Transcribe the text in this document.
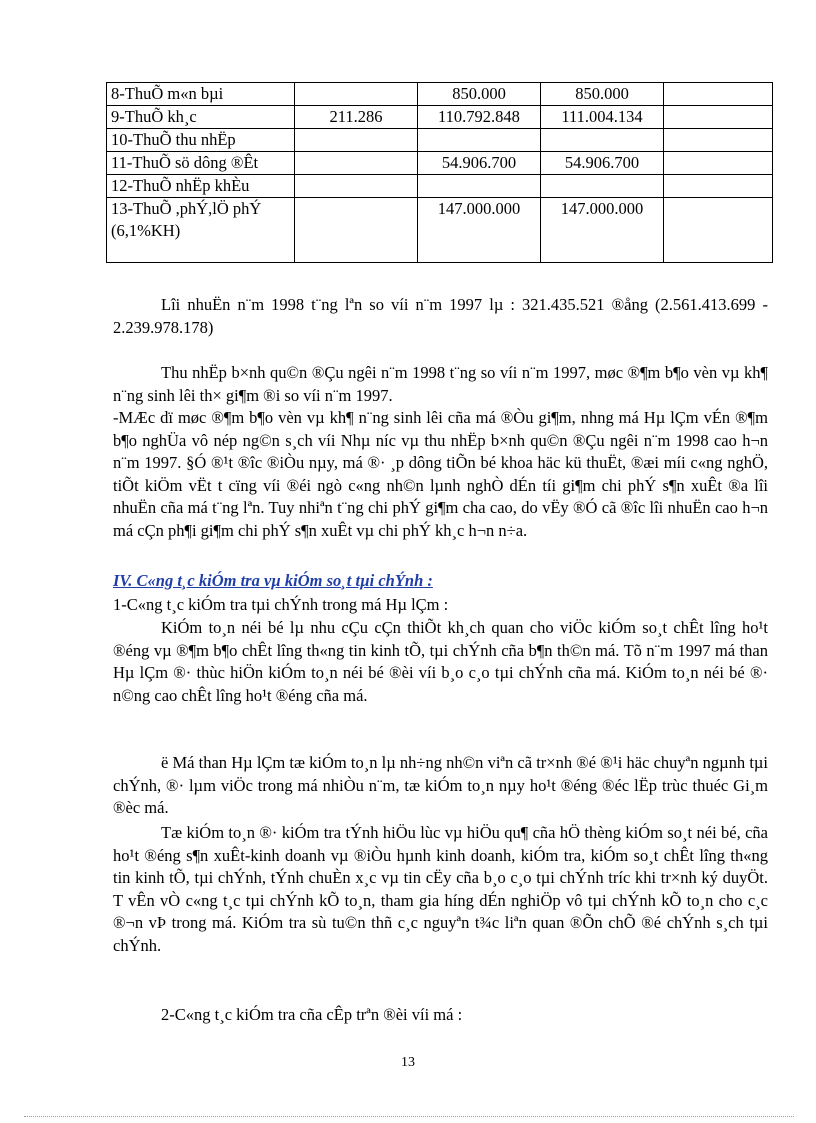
8-ThuÕ m«n bµi		850.000	850.000	
9-ThuÕ kh¸c	211.286	110.792.848	111.004.134	
10-ThuÕ thu nhËp				
11-ThuÕ sö dông ®Êt		54.906.700	54.906.700	
12-ThuÕ nhËp khÈu				
13-ThuÕ ,phÝ,lÖ phÝ (6,1%KH)		147.000.000	147.000.000	
Lîi nhuËn n¨m 1998 t¨ng lªn so víi n¨m 1997 lµ : 321.435.521 ®ång (2.561.413.699 - 2.239.978.178)
Thu nhËp b×nh qu©n ®Çu ngêi n¨m 1998 t¨ng so víi n¨m 1997, møc ®¶m b¶o vèn vµ kh¶ n¨ng sinh lêi th× gi¶m ®i so víi n¨m 1997.
-MÆc dï møc ®¶m b¶o vèn vµ kh¶ n¨ng sinh lêi cña má ®Òu gi¶m, nhng má Hµ lÇm vÉn ®¶m b¶o nghÜa vô nép ng©n s¸ch víi Nhµ níc vµ thu nhËp b×nh qu©n ®Çu ngêi n¨m 1998 cao h¬n n¨m 1997. §Ó ®¹t ®îc ®iÒu nµy, má ®· ¸p dông tiÕn bé khoa häc kü thuËt, ®æi míi c«ng nghÖ, tiÕt kiÖm vËt t cïng víi ®éi ngò c«ng nh©n lµnh nghÒ dÉn tíi gi¶m chi phÝ s¶n xuÊt ®a lîi nhuËn cña má t¨ng lªn. Tuy nhiªn t¨ng chi phÝ gi¶m cha cao, do vËy ®Ó cã ®îc lîi nhuËn cao h¬n má cÇn ph¶i gi¶m chi phÝ s¶n xuÊt vµ chi phÝ kh¸c h¬n n÷a.
IV. C«ng t¸c kiÓm tra vµ kiÓm so¸t tµi chÝnh :
1-C«ng t¸c kiÓm tra tµi chÝnh trong má Hµ lÇm :
KiÓm to¸n néi bé lµ nhu cÇu cÇn thiÕt kh¸ch quan cho viÖc kiÓm so¸t chÊt lîng ho¹t ®éng vµ ®¶m b¶o chÊt lîng th«ng tin kinh tÕ, tµi chÝnh cña b¶n th©n má. Tõ n¨m 1997 má than Hµ lÇm ®· thùc hiÖn kiÓm to¸n néi bé ®èi víi b¸o c¸o tµi chÝnh cña má. KiÓm to¸n néi bé ®· n©ng cao chÊt lîng ho¹t ®éng cña má.
ë Má than Hµ lÇm tæ kiÓm to¸n lµ nh÷ng nh©n viªn cã tr×nh ®é ®¹i häc chuyªn ngµnh tµi chÝnh, ®· lµm viÖc trong má nhiÒu n¨m, tæ kiÓm to¸n nµy ho¹t ®éng ®éc lËp trùc thuéc Gi¸m ®èc má.
Tæ kiÓm to¸n ®· kiÓm tra tÝnh hiÖu lùc vµ hiÖu qu¶ cña hÖ thèng kiÓm so¸t néi bé, cña ho¹t ®éng s¶n xuÊt-kinh doanh vµ ®iÒu hµnh kinh doanh, kiÓm tra, kiÓm so¸t chÊt lîng th«ng tin kinh tÕ, tµi chÝnh, tÝnh chuÈn x¸c vµ tin cËy cña b¸o c¸o tµi chÝnh tríc khi tr×nh ký duyÖt. T vÊn vÒ c«ng t¸c tµi chÝnh kÕ to¸n, tham gia híng dÉn nghiÖp vô tµi chÝnh kÕ to¸n cho c¸c ®¬n vÞ trong má. KiÓm tra sù tu©n thñ c¸c nguyªn t¾c liªn quan ®Õn chÕ ®é chÝnh s¸ch tµi chÝnh.
2-C«ng t¸c kiÓm tra cña cÊp trªn ®èi víi má :
13
